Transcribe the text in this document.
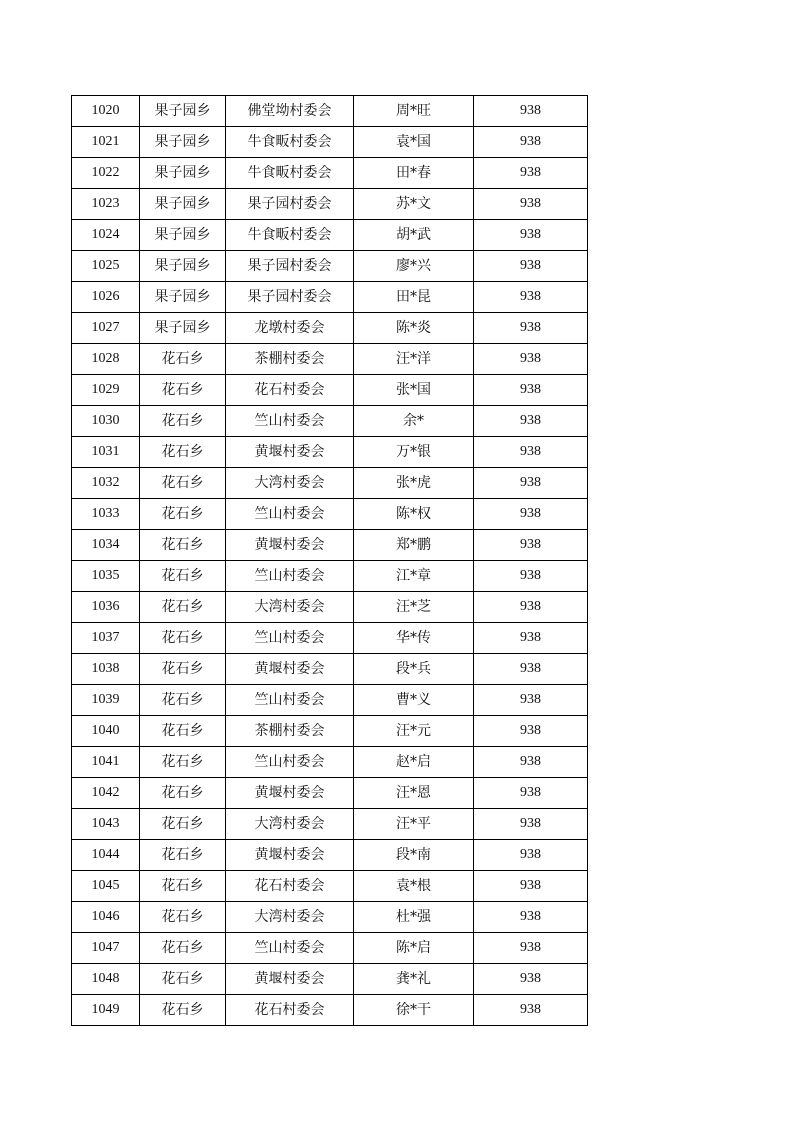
1020	果子园乡	佛堂坳村委会	周*旺	938
1021	果子园乡	牛食畈村委会	袁*国	938
1022	果子园乡	牛食畈村委会	田*春	938
1023	果子园乡	果子园村委会	苏*文	938
1024	果子园乡	牛食畈村委会	胡*武	938
1025	果子园乡	果子园村委会	廖*兴	938
1026	果子园乡	果子园村委会	田*昆	938
1027	果子园乡	龙墩村委会	陈*炎	938
1028	花石乡	茶棚村委会	汪*洋	938
1029	花石乡	花石村委会	张*国	938
1030	花石乡	竺山村委会	余*	938
1031	花石乡	黄堰村委会	万*银	938
1032	花石乡	大湾村委会	张*虎	938
1033	花石乡	竺山村委会	陈*权	938
1034	花石乡	黄堰村委会	郑*鹏	938
1035	花石乡	竺山村委会	江*章	938
1036	花石乡	大湾村委会	汪*芝	938
1037	花石乡	竺山村委会	华*传	938
1038	花石乡	黄堰村委会	段*兵	938
1039	花石乡	竺山村委会	曹*义	938
1040	花石乡	茶棚村委会	汪*元	938
1041	花石乡	竺山村委会	赵*启	938
1042	花石乡	黄堰村委会	汪*恩	938
1043	花石乡	大湾村委会	汪*平	938
1044	花石乡	黄堰村委会	段*南	938
1045	花石乡	花石村委会	袁*根	938
1046	花石乡	大湾村委会	杜*强	938
1047	花石乡	竺山村委会	陈*启	938
1048	花石乡	黄堰村委会	龚*礼	938
1049	花石乡	花石村委会	徐*干	938
